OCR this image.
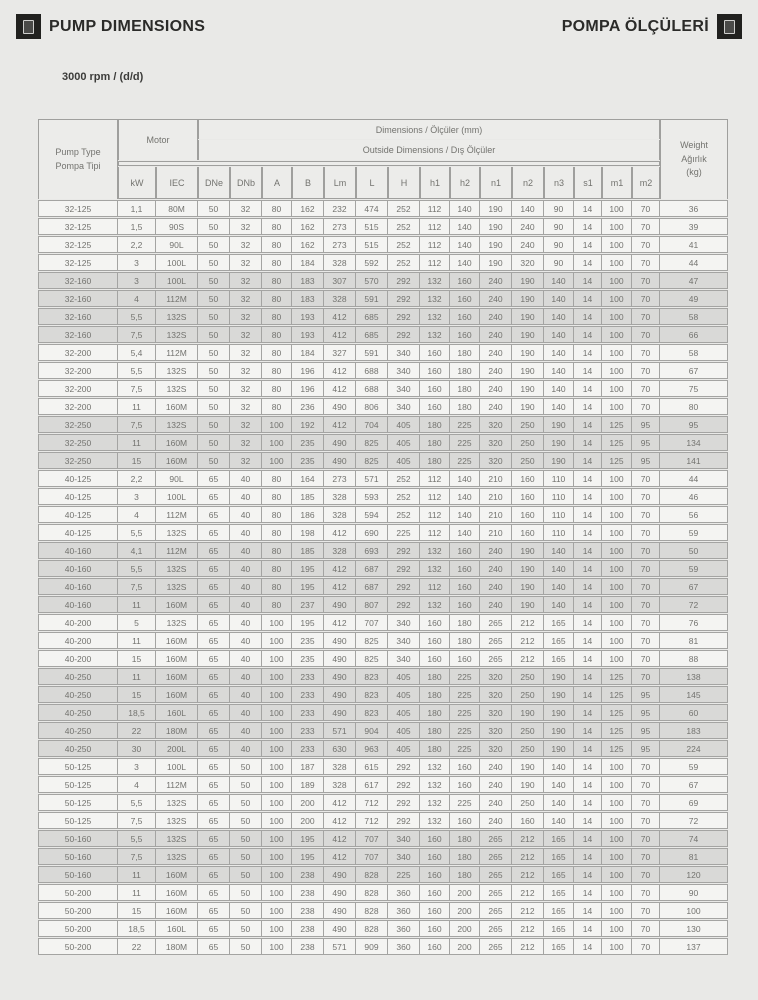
PUMP DIMENSIONS	POMPA ÖLÇÜLERİ
3000 rpm / (d/d)
Pump Type
Pompa Tipi
	Motor	Dimensions / Ölçüler (mm)	
Weight
Ağırlık
(kg)

			Outside Dimensions / Dış Ölçüler															

	kW	IEC	DNe	DNb	A	B	Lm	L	H	h1	h2	n1	n2	n3	s1	m1	m2	
32-125	1,1	80M	50	32	80	162	232	474	252	112	140	190	140	90	14	100	70	36
32-125	1,5	90S	50	32	80	162	273	515	252	112	140	190	240	90	14	100	70	39
32-125	2,2	90L	50	32	80	162	273	515	252	112	140	190	240	90	14	100	70	41
32-125	3	100L	50	32	80	184	328	592	252	112	140	190	320	90	14	100	70	44
32-160	3	100L	50	32	80	183	307	570	292	132	160	240	190	140	14	100	70	47
32-160	4	112M	50	32	80	183	328	591	292	132	160	240	190	140	14	100	70	49
32-160	5,5	132S	50	32	80	193	412	685	292	132	160	240	190	140	14	100	70	58
32-160	7,5	132S	50	32	80	193	412	685	292	132	160	240	190	140	14	100	70	66
32-200	5,4	112M	50	32	80	184	327	591	340	160	180	240	190	140	14	100	70	58
32-200	5,5	132S	50	32	80	196	412	688	340	160	180	240	190	140	14	100	70	67
32-200	7,5	132S	50	32	80	196	412	688	340	160	180	240	190	140	14	100	70	75
32-200	11	160M	50	32	80	236	490	806	340	160	180	240	190	140	14	100	70	80
32-250	7,5	132S	50	32	100	192	412	704	405	180	225	320	250	190	14	125	95	95
32-250	11	160M	50	32	100	235	490	825	405	180	225	320	250	190	14	125	95	134
32-250	15	160M	50	32	100	235	490	825	405	180	225	320	250	190	14	125	95	141
40-125	2,2	90L	65	40	80	164	273	571	252	112	140	210	160	110	14	100	70	44
40-125	3	100L	65	40	80	185	328	593	252	112	140	210	160	110	14	100	70	46
40-125	4	112M	65	40	80	186	328	594	252	112	140	210	160	110	14	100	70	56
40-125	5,5	132S	65	40	80	198	412	690	225	112	140	210	160	110	14	100	70	59
40-160	4,1	112M	65	40	80	185	328	693	292	132	160	240	190	140	14	100	70	50
40-160	5,5	132S	65	40	80	195	412	687	292	132	160	240	190	140	14	100	70	59
40-160	7,5	132S	65	40	80	195	412	687	292	112	160	240	190	140	14	100	70	67
40-160	11	160M	65	40	80	237	490	807	292	132	160	240	190	140	14	100	70	72
40-200	5	132S	65	40	100	195	412	707	340	160	180	265	212	165	14	100	70	76
40-200	11	160M	65	40	100	235	490	825	340	160	180	265	212	165	14	100	70	81
40-200	15	160M	65	40	100	235	490	825	340	160	160	265	212	165	14	100	70	88
40-250	11	160M	65	40	100	233	490	823	405	180	225	320	250	190	14	125	70	138
40-250	15	160M	65	40	100	233	490	823	405	180	225	320	250	190	14	125	95	145
40-250	18,5	160L	65	40	100	233	490	823	405	180	225	320	190	190	14	125	95	60
40-250	22	180M	65	40	100	233	571	904	405	180	225	320	250	190	14	125	95	183
40-250	30	200L	65	40	100	233	630	963	405	180	225	320	250	190	14	125	95	224
50-125	3	100L	65	50	100	187	328	615	292	132	160	240	190	140	14	100	70	59
50-125	4	112M	65	50	100	189	328	617	292	132	160	240	190	140	14	100	70	67
50-125	5,5	132S	65	50	100	200	412	712	292	132	225	240	250	140	14	100	70	69
50-125	7,5	132S	65	50	100	200	412	712	292	132	160	240	160	140	14	100	70	72
50-160	5,5	132S	65	50	100	195	412	707	340	160	180	265	212	165	14	100	70	74
50-160	7,5	132S	65	50	100	195	412	707	340	160	180	265	212	165	14	100	70	81
50-160	11	160M	65	50	100	238	490	828	225	160	180	265	212	165	14	100	70	120
50-200	11	160M	65	50	100	238	490	828	360	160	200	265	212	165	14	100	70	90
50-200	15	160M	65	50	100	238	490	828	360	160	200	265	212	165	14	100	70	100
50-200	18,5	160L	65	50	100	238	490	828	360	160	200	265	212	165	14	100	70	130
50-200	22	180M	65	50	100	238	571	909	360	160	200	265	212	165	14	100	70	137
